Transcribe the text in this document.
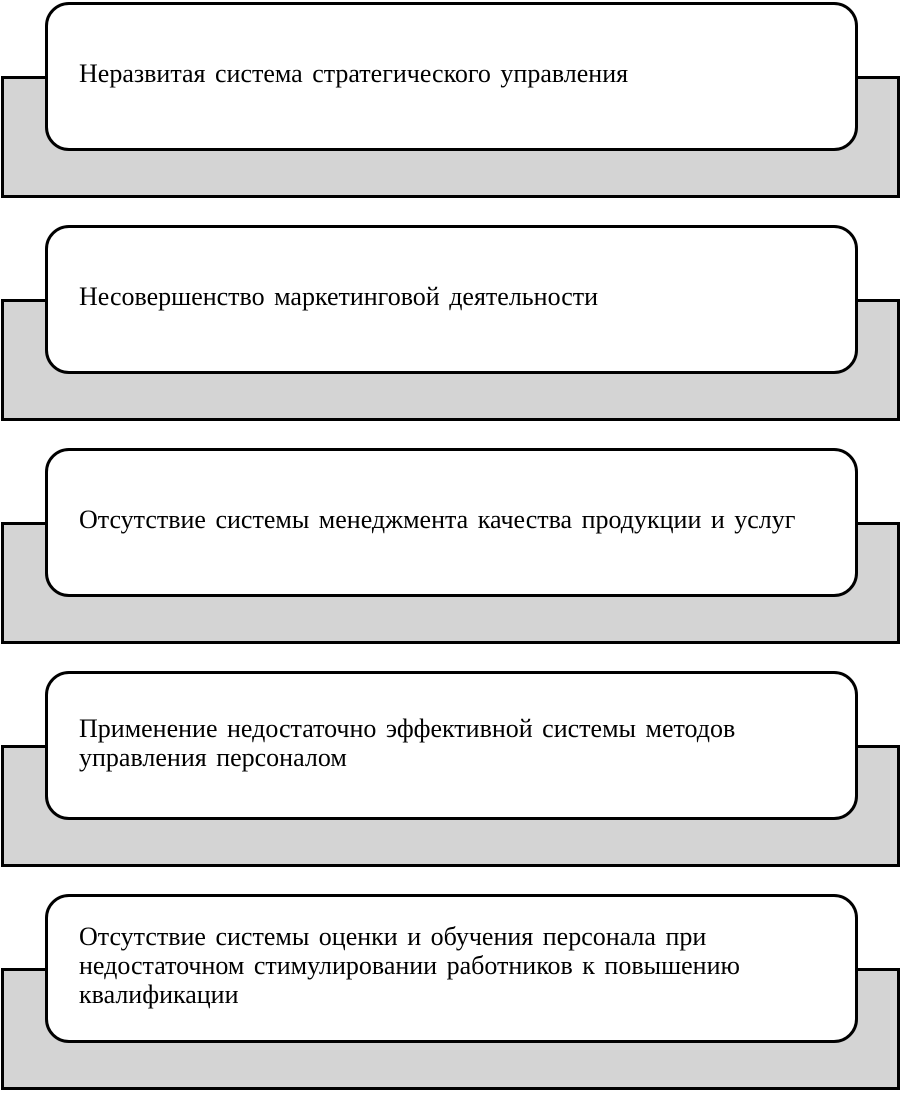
Неразвитая система стратегического управления
Несовершенство маркетинговой деятельности
Отсутствие системы менеджмента качества продукции и услуг
Применение недостаточно эффективной системы методов управления персоналом
Отсутствие системы оценки и обучения персонала при недостаточном стимулировании работников к повышению квалификации
